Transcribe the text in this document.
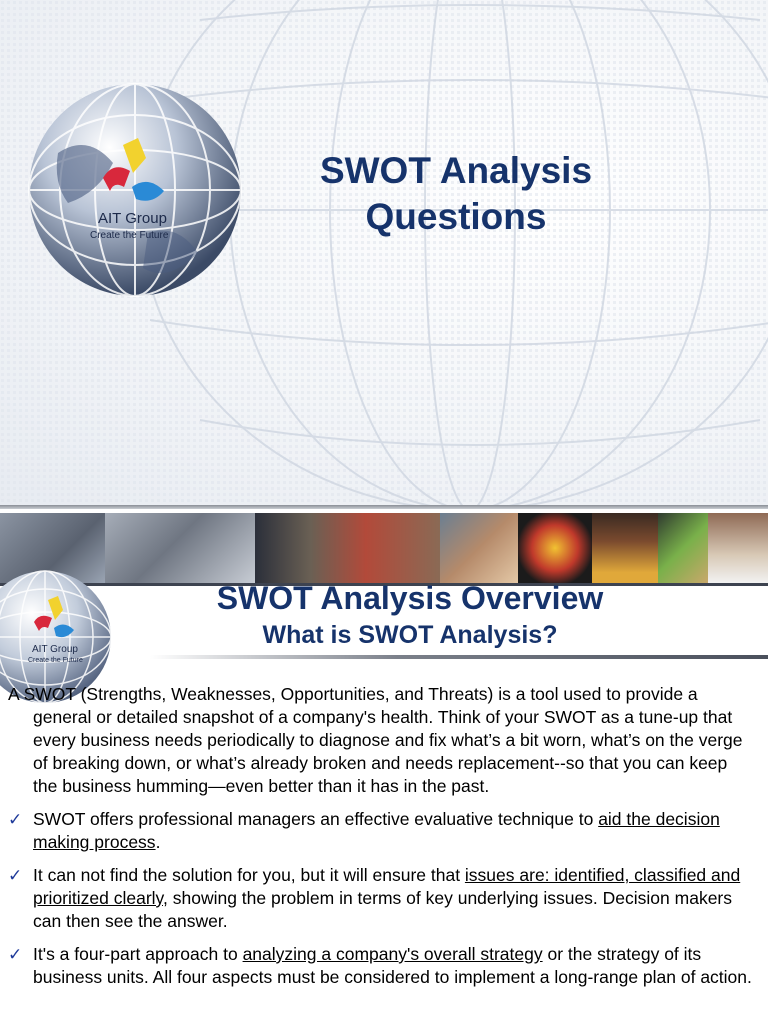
AIT Group
Create the Future
SWOT Analysis
Questions
AIT Group
Create the Future
SWOT Analysis Overview
What is SWOT Analysis?

A SWOT (Strengths, Weaknesses, Opportunities, and Threats) is a tool used to provide a general or detailed snapshot of a company's health. Think of your SWOT as a tune-up that every business needs periodically to diagnose and fix what’s a bit worn, what’s on the verge of breaking down, or what’s already broken and needs replacement--so that you can keep the business humming—even better than it has in the past.

✓ SWOT offers professional managers an effective evaluative technique to aid the decision making process.
✓ It can not find the solution for you, but it will ensure that issues are: identified, classified and prioritized clearly, showing the problem in terms of key underlying issues. Decision makers can then see the answer.
✓ It's a four-part approach to analyzing a company's overall strategy or the strategy of its business units. All four aspects must be considered to implement a long-range plan of action.
